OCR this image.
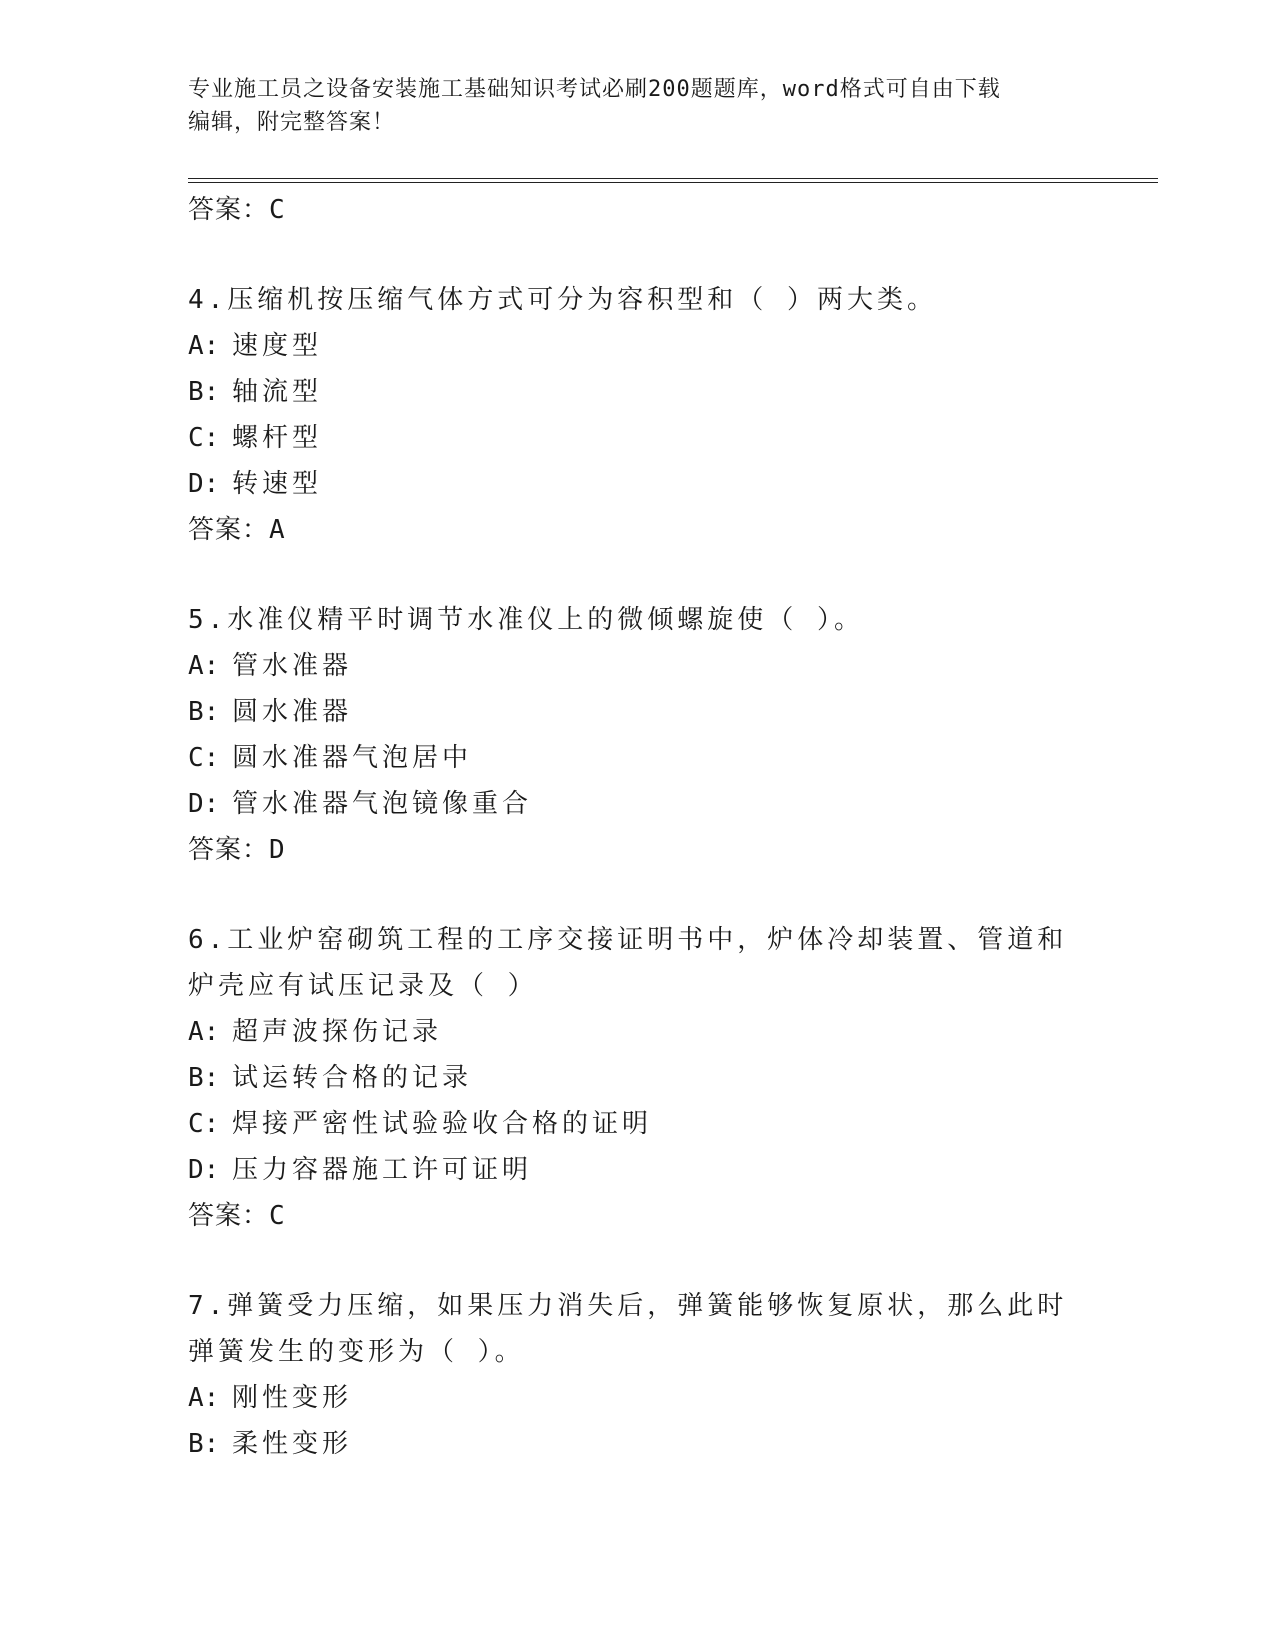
专业施工员之设备安装施工基础知识考试必刷200题题库，word格式可自由下载
编辑，附完整答案！
答案：C
4.压缩机按压缩气体方式可分为容积型和（ ）两大类。
A: 速度型
B: 轴流型
C: 螺杆型
D: 转速型
答案：A
5.水准仪精平时调节水准仪上的微倾螺旋使（ ）。
A: 管水准器
B: 圆水准器
C: 圆水准器气泡居中
D: 管水准器气泡镜像重合
答案：D
6.工业炉窑砌筑工程的工序交接证明书中，炉体冷却装置、管道和炉壳应有试压记录及（ ）
A: 超声波探伤记录
B: 试运转合格的记录
C: 焊接严密性试验验收合格的证明
D: 压力容器施工许可证明
答案：C
7.弹簧受力压缩，如果压力消失后，弹簧能够恢复原状，那么此时弹簧发生的变形为（ ）。
A: 刚性变形
B: 柔性变形
